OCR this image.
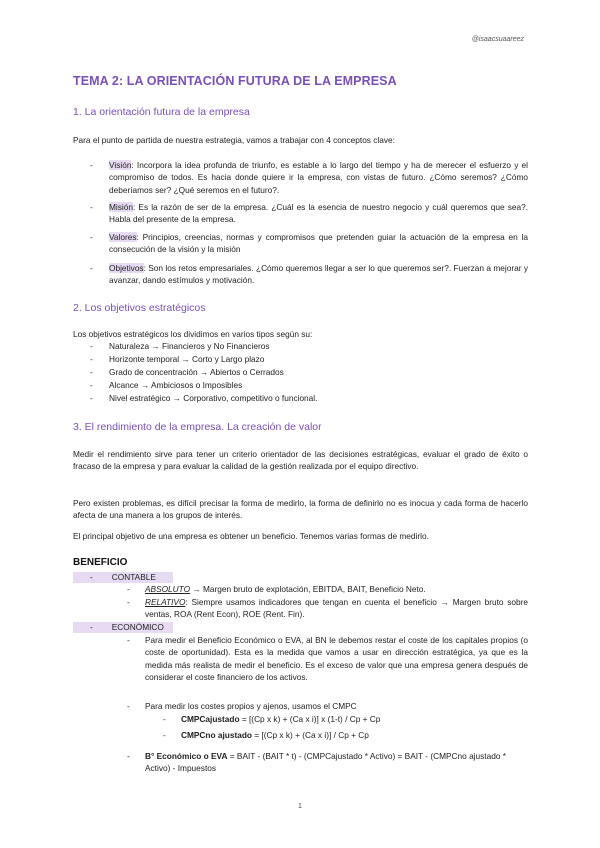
@isaacsuaareez
TEMA 2: LA ORIENTACIÓN FUTURA DE LA EMPRESA
1. La orientación futura de la empresa
Para el punto de partida de nuestra estrategia, vamos a trabajar con 4 conceptos clave:
- Visión: Incorpora la idea profunda de triunfo, es estable a lo largo del tiempo y ha de merecer el esfuerzo y el compromiso de todos. Es hacia donde quiere ir la empresa, con vistas de futuro. ¿Cómo seremos? ¿Cómo deberíamos ser? ¿Qué seremos en el futuro?.
- Misión: Es la razón de ser de la empresa. ¿Cuál es la esencia de nuestro negocio y cuál queremos que sea?. Habla del presente de la empresa.
- Valores: Principios, creencias, normas y compromisos que pretenden guiar la actuación de la empresa en la consecución de la visión y la misión
- Objetivos: Son los retos empresariales. ¿Cómo queremos llegar a ser lo que queremos ser?. Fuerzan a mejorar y avanzar, dando estímulos y motivación.
2. Los objetivos estratégicos
Los objetivos estratégicos los dividimos en varios tipos según su:
- Naturaleza → Financieros y No Financieros
- Horizonte temporal → Corto y Largo plazo
- Grado de concentración → Abiertos o Cerrados
- Alcance → Ambiciosos o Imposibles
- Nivel estratégico → Corporativo, competitivo o funcional.
3. El rendimiento de la empresa. La creación de valor
Medir el rendimiento sirve para tener un criterio orientador de las decisiones estratégicas, evaluar el grado de éxito o fracaso de la empresa y para evaluar la calidad de la gestión realizada por el equipo directivo.
Pero existen problemas, es difícil precisar la forma de medirlo, la forma de definirlo no es inocua y cada forma de hacerlo afecta de una manera a los grupos de interés.
El principal objetivo de una empresa es obtener un beneficio. Tenemos varias formas de medirlo.
BENEFICIO
- CONTABLE
- ABSOLUTO → Margen bruto de explotación, EBITDA, BAIT, Beneficio Neto.
- RELATIVO: Siempre usamos indicadores que tengan en cuenta el beneficio → Margen bruto sobre ventas, ROA (Rent Econ), ROE (Rent. Fin).
- ECONÓMICO
- Para medir el Beneficio Económico o EVA, al BN le debemos restar el coste de los capitales propios (o coste de oportunidad). Esta es la medida que vamos a usar en dirección estratégica, ya que es la medida más realista de medir el beneficio. Es el exceso de valor que una empresa genera después de considerar el coste financiero de los activos.
- Para medir los costes propios y ajenos, usamos el CMPC
- CMPCajustado = [(Cp x k) + (Ca x i)] x (1-t) / Cp + Cp
- CMPCno ajustado = [(Cp x k) + (Ca x i)] / Cp + Cp
- B° Económico o EVA = BAIT - (BAIT * t) - (CMPCajustado * Activo) = BAIT - (CMPCno ajustado * Activo) - Impuestos
1
